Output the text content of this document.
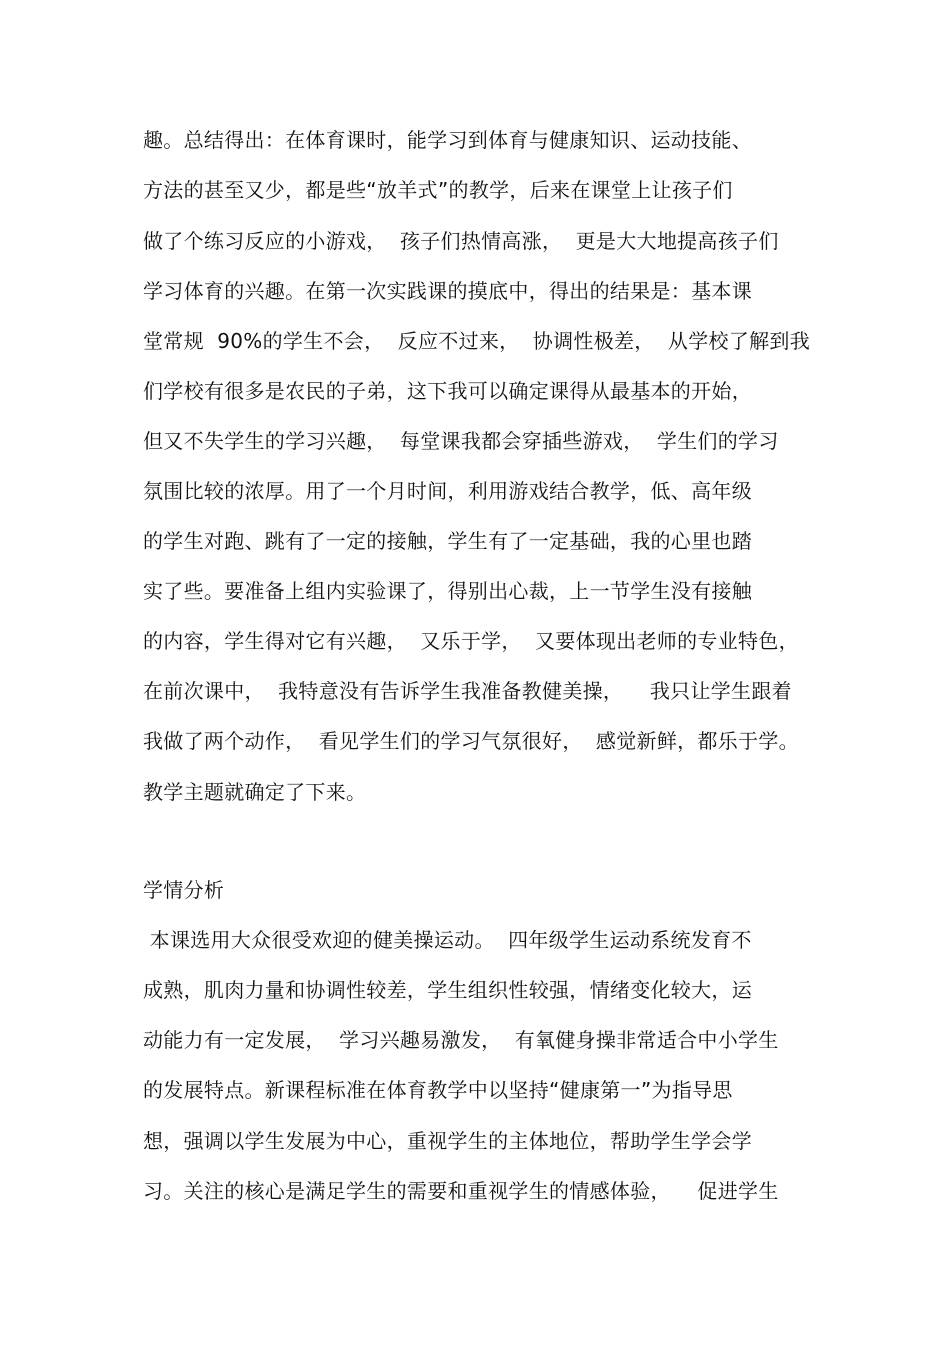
趣。总结得出：在体育课时，能学习到体育与健康知识、运动技能、
方法的甚至又少，都是些“放羊式”的教学，后来在课堂上让孩子们
做了个练习反应的小游戏，  孩子们热情高涨，  更是大大地提高孩子们
学习体育的兴趣。在第一次实践课的摸底中，得出的结果是：基本课
堂常规  90%的学生不会，  反应不过来，  协调性极差，  从学校了解到我
们学校有很多是农民的子弟，这下我可以确定课得从最基本的开始，
但又不失学生的学习兴趣，  每堂课我都会穿插些游戏，  学生们的学习
氛围比较的浓厚。用了一个月时间，利用游戏结合教学，低、高年级
的学生对跑、跳有了一定的接触，学生有了一定基础，我的心里也踏
实了些。要准备上组内实验课了，得别出心裁，上一节学生没有接触
的内容，学生得对它有兴趣，  又乐于学，  又要体现出老师的专业特色，
在前次课中，  我特意没有告诉学生我准备教健美操，    我只让学生跟着
我做了两个动作，  看见学生们的学习气氛很好，  感觉新鲜，都乐于学。
教学主题就确定了下来。
学情分析
本课选用大众很受欢迎的健美操运动。  四年级学生运动系统发育不
成熟，肌肉力量和协调性较差，学生组织性较强，情绪变化较大，运
动能力有一定发展，  学习兴趣易激发，  有氧健身操非常适合中小学生
的发展特点。新课程标准在体育教学中以坚持“健康第一”为指导思
想，强调以学生发展为中心，重视学生的主体地位，帮助学生学会学
习。关注的核心是满足学生的需要和重视学生的情感体验，    促进学生
